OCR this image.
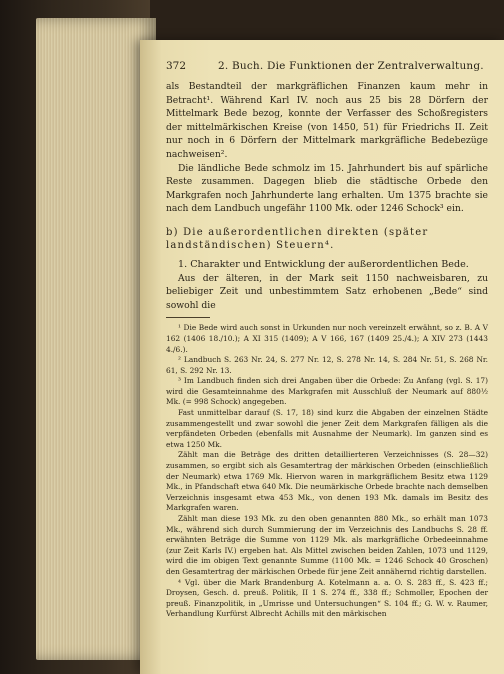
372	2. Buch. Die Funktionen der Zentralverwaltung.

als Bestandteil der markgräflichen Finanzen kaum mehr in Betracht¹. Während Karl IV. noch aus 25 bis 28 Dörfern der Mittelmark Bede bezog, konnte der Verfasser des Schoßregisters der mittelmärkischen Kreise (von 1450, 51) für Friedrichs II. Zeit nur noch in 6 Dörfern der Mittelmark markgräfliche Bedebezüge nachweisen².

Die ländliche Bede schmolz im 15. Jahrhundert bis auf spärliche Reste zusammen. Dagegen blieb die städtische Orbede den Markgrafen noch Jahrhunderte lang erhalten. Um 1375 brachte sie nach dem Landbuch ungefähr 1100 Mk. oder 1246 Schock³ ein.

b) Die außerordentlichen direkten (später landständischen) Steuern⁴.

1. Charakter und Entwicklung der außerordentlichen Bede.

Aus der älteren, in der Mark seit 1150 nachweisbaren, zu beliebiger Zeit und unbestimmtem Satz erhobenen „Bede“ sind sowohl die

¹ Die Bede wird auch sonst in Urkunden nur noch vereinzelt erwähnt, so z. B. A V 162 (1406 18./10.); A XI 315 (1409); A V 166, 167 (1409 25./4.); A XIV 273 (1443 4./6.).

² Landbuch S. 263 Nr. 24, S. 277 Nr. 12, S. 278 Nr. 14, S. 284 Nr. 51, S. 268 Nr. 61, S. 292 Nr. 13.

³ Im Landbuch finden sich drei Angaben über die Orbede: Zu Anfang (vgl. S. 17) wird die Gesamteinnahme des Markgrafen mit Ausschluß der Neumark auf 880½ Mk. (= 998 Schock) angegeben.

Fast unmittelbar darauf (S. 17, 18) sind kurz die Abgaben der einzelnen Städte zusammengestellt und zwar sowohl die jener Zeit dem Markgrafen fälligen als die verpfändeten Orbeden (ebenfalls mit Ausnahme der Neumark). Im ganzen sind es etwa 1250 Mk.

Zählt man die Beträge des dritten detaillierteren Verzeichnisses (S. 28—32) zusammen, so ergibt sich als Gesamtertrag der märkischen Orbeden (einschließlich der Neumark) etwa 1769 Mk. Hiervon waren in markgräflichem Besitz etwa 1129 Mk., in Pfandschaft etwa 640 Mk. Die neumärkische Orbede brachte nach demselben Verzeichnis insgesamt etwa 453 Mk., von denen 193 Mk. damals im Besitz des Markgrafen waren.

Zählt man diese 193 Mk. zu den oben genannten 880 Mk., so erhält man 1073 Mk., während sich durch Summierung der im Verzeichnis des Landbuchs S. 28 ff. erwähnten Beträge die Summe von 1129 Mk. als markgräfliche Orbedeeinnahme (zur Zeit Karls IV.) ergeben hat. Als Mittel zwischen beiden Zahlen, 1073 und 1129, wird die im obigen Text genannte Summe (1100 Mk. = 1246 Schock 40 Groschen) den Gesamtertrag der märkischen Orbede für jene Zeit annähernd richtig darstellen.

⁴ Vgl. über die Mark Brandenburg A. Kotelmann a. a. O. S. 283 ff., S. 423 ff.; Droysen, Gesch. d. preuß. Politik, II 1 S. 274 ff., 338 ff.; Schmoller, Epochen der preuß. Finanzpolitik, in „Umrisse und Untersuchungen“ S. 104 ff.; G. W. v. Raumer, Verhandlung Kurfürst Albrecht Achills mit den märkischen
